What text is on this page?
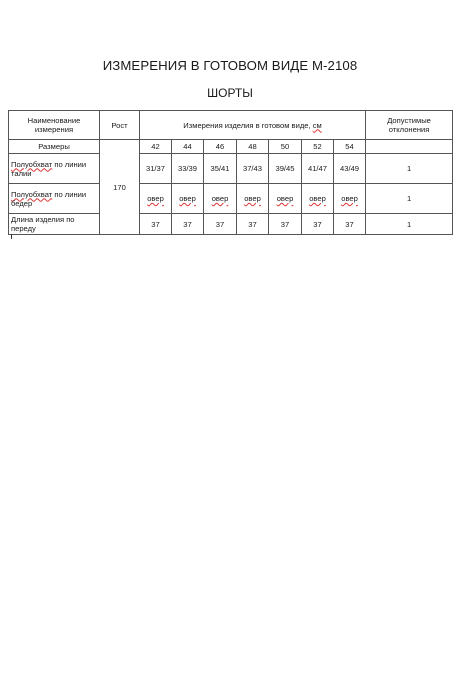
ИЗМЕРЕНИЯ В ГОТОВОМ ВИДЕ М-2108
ШОРТЫ
Наименование измерения	Рост	Измерения изделия в готовом виде, см							Допустимые отклонения
Размеры	170	42	44	46	48	50	52	54	
Полуобхват по линии талии		31/37	33/39	35/41	37/43	39/45	41/47	43/49	1
Полуобхват по линии бедер		овер	овер	овер	овер	овер	овер	овер	1
Длина изделия по переду		37	37	37	37	37	37	37	1
